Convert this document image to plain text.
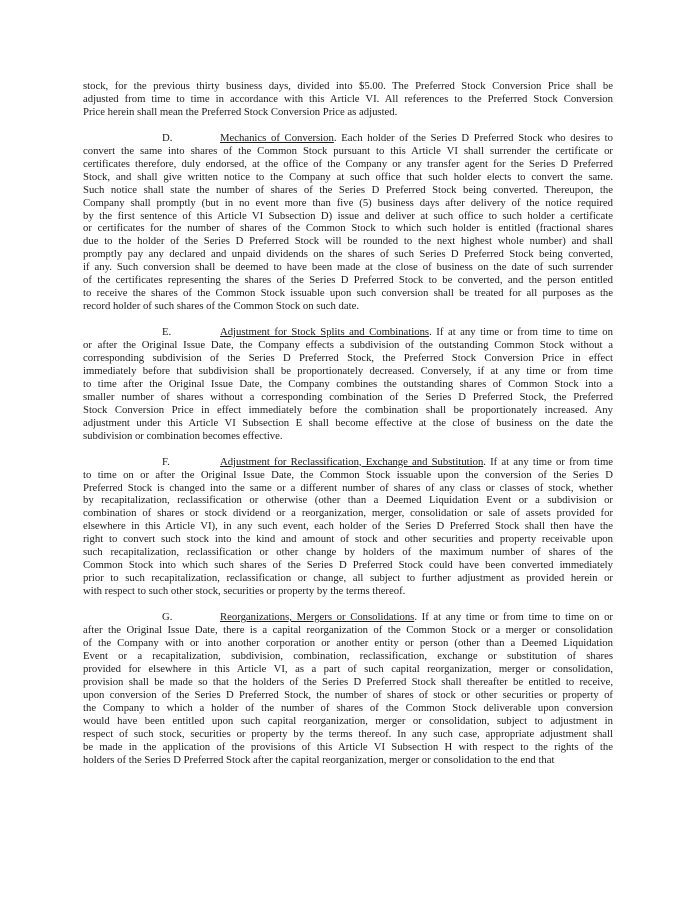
stock, for the previous thirty business days, divided into $5.00. The Preferred Stock Conversion Price shall be
adjusted from time to time in accordance with this Article VI. All references to the Preferred Stock Conversion
Price herein shall mean the Preferred Stock Conversion Price as adjusted.
D.	Mechanics of Conversion. Each holder of the Series D Preferred Stock who desires to
convert the same into shares of the Common Stock pursuant to this Article VI shall surrender the certificate or
certificates therefore, duly endorsed, at the office of the Company or any transfer agent for the Series D Preferred
Stock, and shall give written notice to the Company at such office that such holder elects to convert the same.
Such notice shall state the number of shares of the Series D Preferred Stock being converted. Thereupon, the
Company shall promptly (but in no event more than five (5) business days after delivery of the notice required
by the first sentence of this Article VI Subsection D) issue and deliver at such office to such holder a certificate
or certificates for the number of shares of the Common Stock to which such holder is entitled (fractional shares
due to the holder of the Series D Preferred Stock will be rounded to the next highest whole number) and shall
promptly pay any declared and unpaid dividends on the shares of such Series D Preferred Stock being converted,
if any. Such conversion shall be deemed to have been made at the close of business on the date of such surrender
of the certificates representing the shares of the Series D Preferred Stock to be converted, and the person entitled
to receive the shares of the Common Stock issuable upon such conversion shall be treated for all purposes as the
record holder of such shares of the Common Stock on such date.
E.	Adjustment for Stock Splits and Combinations. If at any time or from time to time on
or after the Original Issue Date, the Company effects a subdivision of the outstanding Common Stock without a
corresponding subdivision of the Series D Preferred Stock, the Preferred Stock Conversion Price in effect
immediately before that subdivision shall be proportionately decreased. Conversely, if at any time or from time
to time after the Original Issue Date, the Company combines the outstanding shares of Common Stock into a
smaller number of shares without a corresponding combination of the Series D Preferred Stock, the Preferred
Stock Conversion Price in effect immediately before the combination shall be proportionately increased. Any
adjustment under this Article VI Subsection E shall become effective at the close of business on the date the
subdivision or combination becomes effective.
F.	Adjustment for Reclassification, Exchange and Substitution. If at any time or from time
to time on or after the Original Issue Date, the Common Stock issuable upon the conversion of the Series D
Preferred Stock is changed into the same or a different number of shares of any class or classes of stock, whether
by recapitalization, reclassification or otherwise (other than a Deemed Liquidation Event or a subdivision or
combination of shares or stock dividend or a reorganization, merger, consolidation or sale of assets provided for
elsewhere in this Article VI), in any such event, each holder of the Series D Preferred Stock shall then have the
right to convert such stock into the kind and amount of stock and other securities and property receivable upon
such recapitalization, reclassification or other change by holders of the maximum number of shares of the
Common Stock into which such shares of the Series D Preferred Stock could have been converted immediately
prior to such recapitalization, reclassification or change, all subject to further adjustment as provided herein or
with respect to such other stock, securities or property by the terms thereof.
G.	Reorganizations, Mergers or Consolidations. If at any time or from time to time on or
after the Original Issue Date, there is a capital reorganization of the Common Stock or a merger or consolidation
of the Company with or into another corporation or another entity or person (other than a Deemed Liquidation
Event or a recapitalization, subdivision, combination, reclassification, exchange or substitution of shares
provided for elsewhere in this Article VI, as a part of such capital reorganization, merger or consolidation,
provision shall be made so that the holders of the Series D Preferred Stock shall thereafter be entitled to receive,
upon conversion of the Series D Preferred Stock, the number of shares of stock or other securities or property of
the Company to which a holder of the number of shares of the Common Stock deliverable upon conversion
would have been entitled upon such capital reorganization, merger or consolidation, subject to adjustment in
respect of such stock, securities or property by the terms thereof. In any such case, appropriate adjustment shall
be made in the application of the provisions of this Article VI Subsection H with respect to the rights of the
holders of the Series D Preferred Stock after the capital reorganization, merger or consolidation to the end that
